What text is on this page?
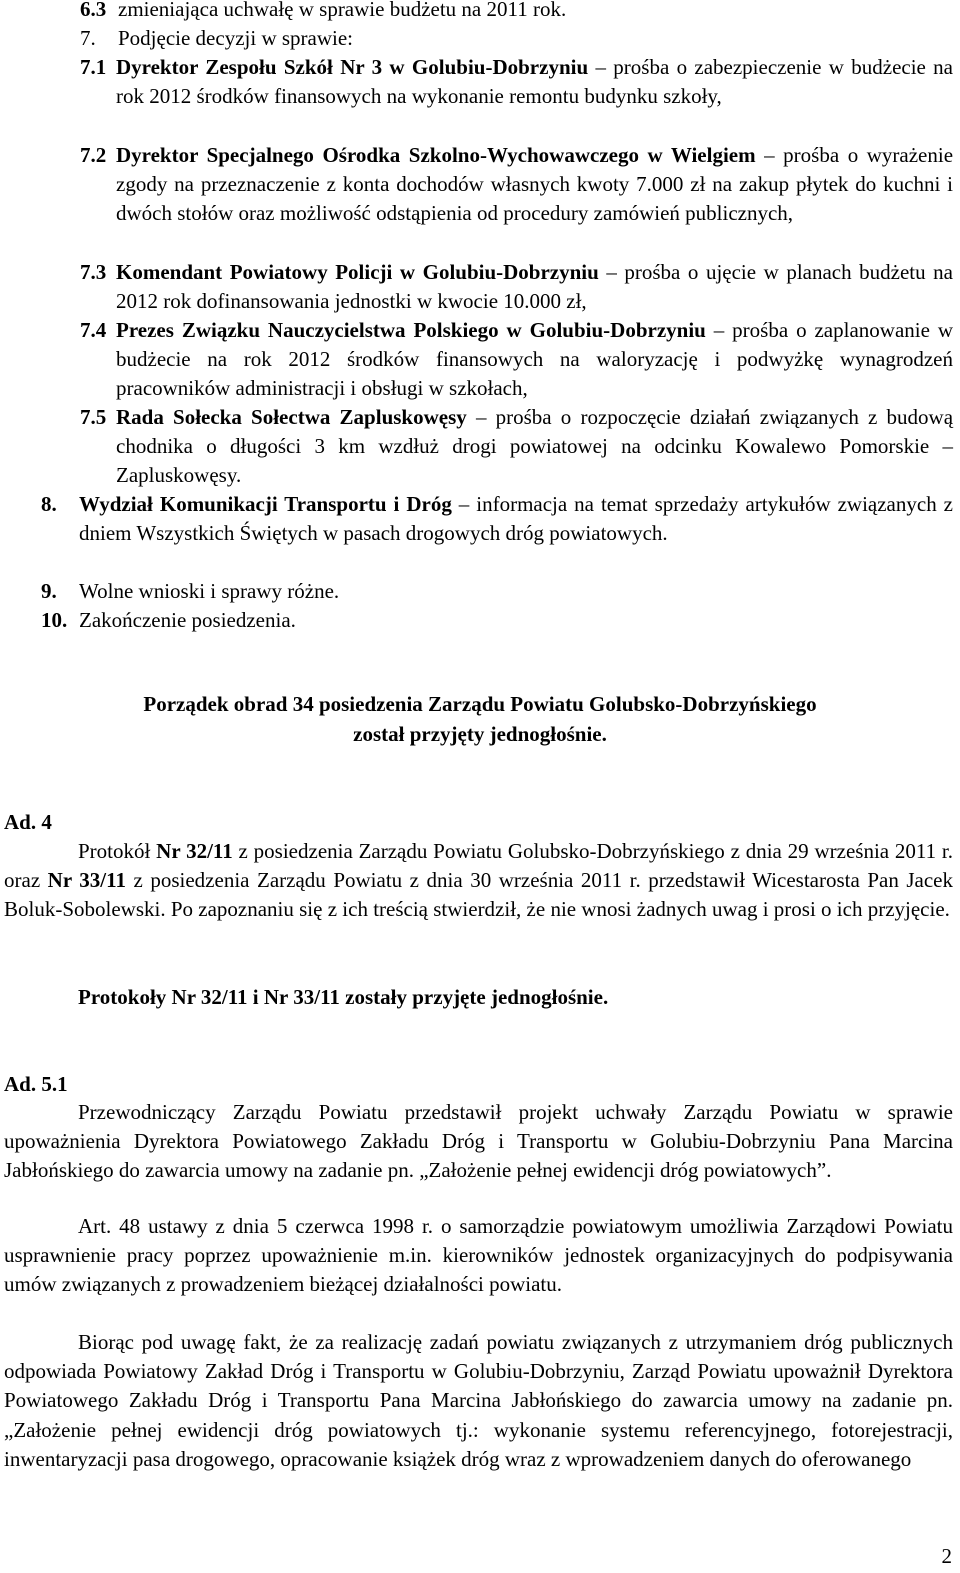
6.3 zmieniająca uchwałę w sprawie budżetu na 2011 rok.
7.	Podjęcie decyzji w sprawie:
7.1 Dyrektor Zespołu Szkół Nr 3 w Golubiu-Dobrzyniu – prośba o zabezpieczenie w budżecie na rok 2012 środków finansowych na wykonanie remontu budynku szkoły,
7.2 Dyrektor Specjalnego Ośrodka Szkolno-Wychowawczego w Wielgiem – prośba o wyrażenie zgody na przeznaczenie z konta dochodów własnych kwoty 7.000 zł na zakup płytek do kuchni i dwóch stołów oraz możliwość odstąpienia od procedury zamówień publicznych,
7.3 Komendant Powiatowy Policji w Golubiu-Dobrzyniu – prośba o ujęcie w planach budżetu na 2012 rok dofinansowania jednostki w kwocie 10.000 zł,
7.4 Prezes Związku Nauczycielstwa Polskiego w Golubiu-Dobrzyniu – prośba o zaplanowanie w budżecie na rok 2012 środków finansowych na waloryzację i podwyżkę wynagrodzeń pracowników administracji i obsługi w szkołach,
7.5 Rada Sołecka Sołectwa Zapluskowęsy – prośba o rozpoczęcie działań związanych z budową chodnika o długości 3 km wzdłuż drogi powiatowej na odcinku Kowalewo Pomorskie – Zapluskowęsy.
8.	Wydział Komunikacji Transportu i Dróg – informacja na temat sprzedaży artykułów związanych z dniem Wszystkich Świętych w pasach drogowych dróg powiatowych.
9.	Wolne wnioski i sprawy różne.
10. Zakończenie posiedzenia.
Porządek obrad 34 posiedzenia Zarządu Powiatu Golubsko-Dobrzyńskiego
został przyjęty jednogłośnie.
Ad. 4
Protokół Nr 32/11 z posiedzenia Zarządu Powiatu Golubsko-Dobrzyńskiego z dnia 29 września 2011 r. oraz Nr 33/11 z posiedzenia Zarządu Powiatu z dnia 30 września 2011 r. przedstawił Wicestarosta Pan Jacek Boluk-Sobolewski. Po zapoznaniu się z ich treścią stwierdził, że nie wnosi żadnych uwag i prosi o ich przyjęcie.
Protokoły Nr 32/11 i Nr 33/11 zostały przyjęte jednogłośnie.
Ad. 5.1
Przewodniczący Zarządu Powiatu przedstawił projekt uchwały Zarządu Powiatu w sprawie upoważnienia Dyrektora Powiatowego Zakładu Dróg i Transportu w Golubiu-Dobrzyniu Pana Marcina Jabłońskiego do zawarcia umowy na zadanie pn. „Założenie pełnej ewidencji dróg powiatowych”.
Art. 48 ustawy z dnia 5 czerwca 1998 r. o samorządzie powiatowym umożliwia Zarządowi Powiatu usprawnienie pracy poprzez upoważnienie m.in. kierowników jednostek organizacyjnych do podpisywania umów związanych z prowadzeniem bieżącej działalności powiatu.
Biorąc pod uwagę fakt, że za realizację zadań powiatu związanych z utrzymaniem dróg publicznych odpowiada Powiatowy Zakład Dróg i Transportu w Golubiu-Dobrzyniu, Zarząd Powiatu upoważnił Dyrektora Powiatowego Zakładu Dróg i Transportu Pana Marcina Jabłońskiego do zawarcia umowy na zadanie pn. „Założenie pełnej ewidencji dróg powiatowych tj.: wykonanie systemu referencyjnego, fotorejestracji, inwentaryzacji pasa drogowego, opracowanie książek dróg wraz z wprowadzeniem danych do oferowanego
2
